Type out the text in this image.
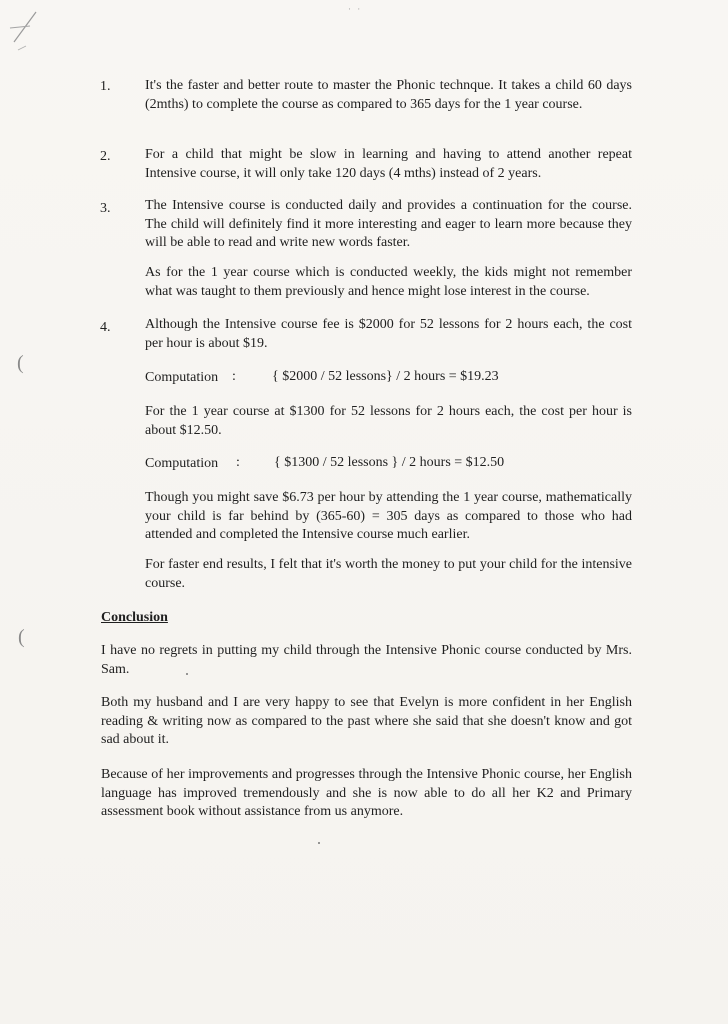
· ·
(
(
1. It's the faster and better route to master the Phonic technque. It takes a child 60 days (2mths) to complete the course as compared to 365 days for the 1 year course.
2. For a child that might be slow in learning and having to attend another repeat Intensive course, it will only take 120 days (4 mths) instead of 2 years.
3. The Intensive course is conducted daily and provides a continuation for the course. The child will definitely find it more interesting and eager to learn more because they will be able to read and write new words faster.
As for the 1 year course which is conducted weekly, the kids might not remember what was taught to them previously and hence might lose interest in the course.
4. Although the Intensive course fee is $2000 for 52 lessons for 2 hours each, the cost per hour is about $19.
Computation :	{ $2000 / 52 lessons} / 2 hours = $19.23
For the 1 year course at $1300 for 52 lessons for 2 hours each, the cost per hour is about $12.50.
Computation : { $1300 / 52 lessons } / 2 hours = $12.50
Though you might save $6.73 per hour by attending the 1 year course, mathematically your child is far behind by (365-60) = 305 days as compared to those who had attended and completed the Intensive course much earlier.
For faster end results, I felt that it's worth the money to put your child for the intensive course.
Conclusion
I have no regrets in putting my child through the Intensive Phonic course conducted by Mrs. Sam.
Both my husband and I are very happy to see that Evelyn is more confident in her English reading & writing now as compared to the past where she said that she doesn't know and got sad about it.
Because of her improvements and progresses through the Intensive Phonic course, her English language has improved tremendously and she is now able to do all her K2 and Primary assessment book without assistance from us anymore.
